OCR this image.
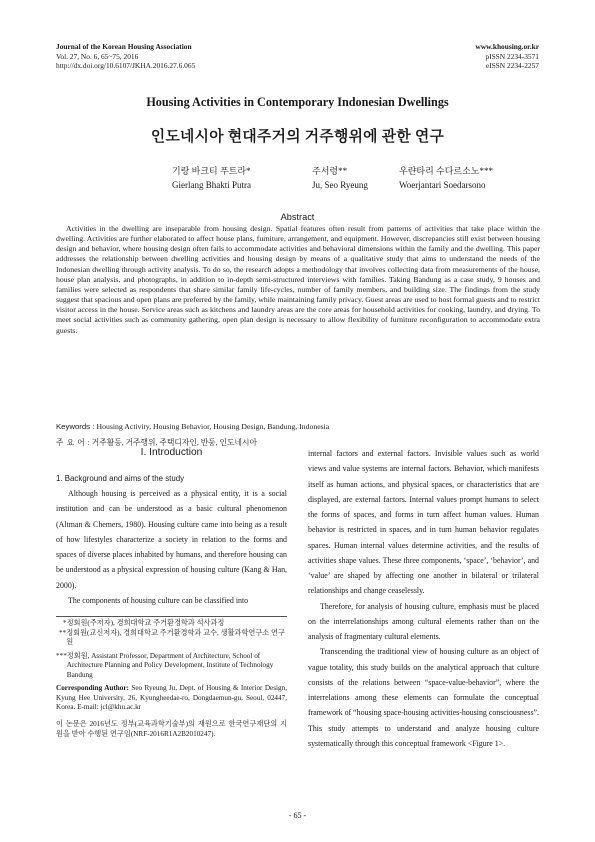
Journal of the Korean Housing Association
Vol. 27, No. 6, 65~75, 2016
http://dx.doi.org/10.6107/JKHA.2016.27.6.065
www.khousing.or.kr
pISSN 2234-3571
eISSN 2234-2257
Housing Activities in Contemporary Indonesian Dwellings
인도네시아 현대주거의 거주행위에 관한 연구
기랑 바크티 푸트라*
Gierlang Bhakti Putra
주서령**
Ju, Seo Ryeung
우랸타리 수다르소노***
Woerjantari Soedarsono
Abstract

Activities in the dwelling are inseparable from housing design. Spatial features often result from patterns of activities that take place within the dwelling. Activities are further elaborated to affect house plans, furniture, arrangement, and equipment. However, discrepancies still exist between housing design and behavior, where housing design often fails to accommodate activities and behavioral dimensions within the family and the dwelling. This paper addresses the relationship between dwelling activities and housing design by means of a qualitative study that aims to understand the needs of the Indonesian dwelling through activity analysis. To do so, the research adopts a methodology that involves collecting data from measurements of the house, house plan analysis, and photographs, in addition to in-depth semi-structured interviews with families. Taking Bandung as a case study, 9 houses and families were selected as respondents that share similar family life-cycles, number of family members, and building size. The findings from the study suggest that spacious and open plans are preferred by the family, while maintaining family privacy. Guest areas are used to host formal guests and to restrict visitor access in the house. Service areas such as kitchens and laundry areas are the core areas for household activities for cooking, laundry, and drying. To meet social activities such as community gathering, open plan design is necessary to allow flexibility of furniture reconfiguration to accommodate extra guests.

Keywords : Housing Activity, Housing Behavior, Housing Design, Bandung, Indonesia
주 요 어 : 거주활동, 거주행위, 주택디자인, 반둥, 인도네시아
I. Introduction
1. Background and aims of the study

Although housing is perceived as a physical entity, it is a social institution and can be understood as a basic cultural phenomenon (Altman & Chemers, 1980). Housing culture came into being as a result of how lifestyles characterize a society in relation to the forms and spaces of diverse places inhabited by humans, and therefore housing can be understood as a physical expression of housing culture (Kang & Han, 2000).

The components of housing culture can be classified into

* 정회원(주저자), 경희대학교 주거환경학과 석사과정
** 정회원(교신저자), 경희대학교 주거환경학과 교수, 생활과학연구소 연구원
*** 정회원, Assistant Professor, Department of Architecture, School of Architecture Planning and Policy Development, Institute of Technology Bandung
Corresponding Author: Seo Ryeung Ju, Dept. of Housing & Interior Design, Kyung Hee University, 26, Kyungheedae-ro, Dongdaemun-gu, Seoul, 02447, Korea. E-mail: jcl@khu.ac.kr
이 논문은 2016년도 정부(교육과학기술부)의 재원으로 한국연구재단의 지원을 받아 수행된 연구임(NRF-2016R1A2B2010247).

internal factors and external factors. Invisible values such as world views and value systems are internal factors. Behavior, which manifests itself as human actions, and physical spaces, or characteristics that are displayed, are external factors. Internal values prompt humans to select the forms of spaces, and forms in turn affect human values. Human behavior is restricted in spaces, and in turn human behavior regulates spaces. Human internal values determine activities, and the results of activities shape values. These three components, ‘space’, ‘behavior’, and ‘value’ are shaped by affecting one another in bilateral or trilateral relationships and change ceaselessly.

Therefore, for analysis of housing culture, emphasis must be placed on the interrelationships among cultural elements rather than on the analysis of fragmentary cultural elements.

Transcending the traditional view of housing culture as an object of vague totality, this study builds on the analytical approach that culture consists of the relations between “space-value-behavior”, where the interrelations among these elements can formulate the conceptual framework of “housing space-housing activities-housing consciousness”. This study attempts to understand and analyze housing culture systematically through this conceptual framework <Figure 1>.

- 65 -
